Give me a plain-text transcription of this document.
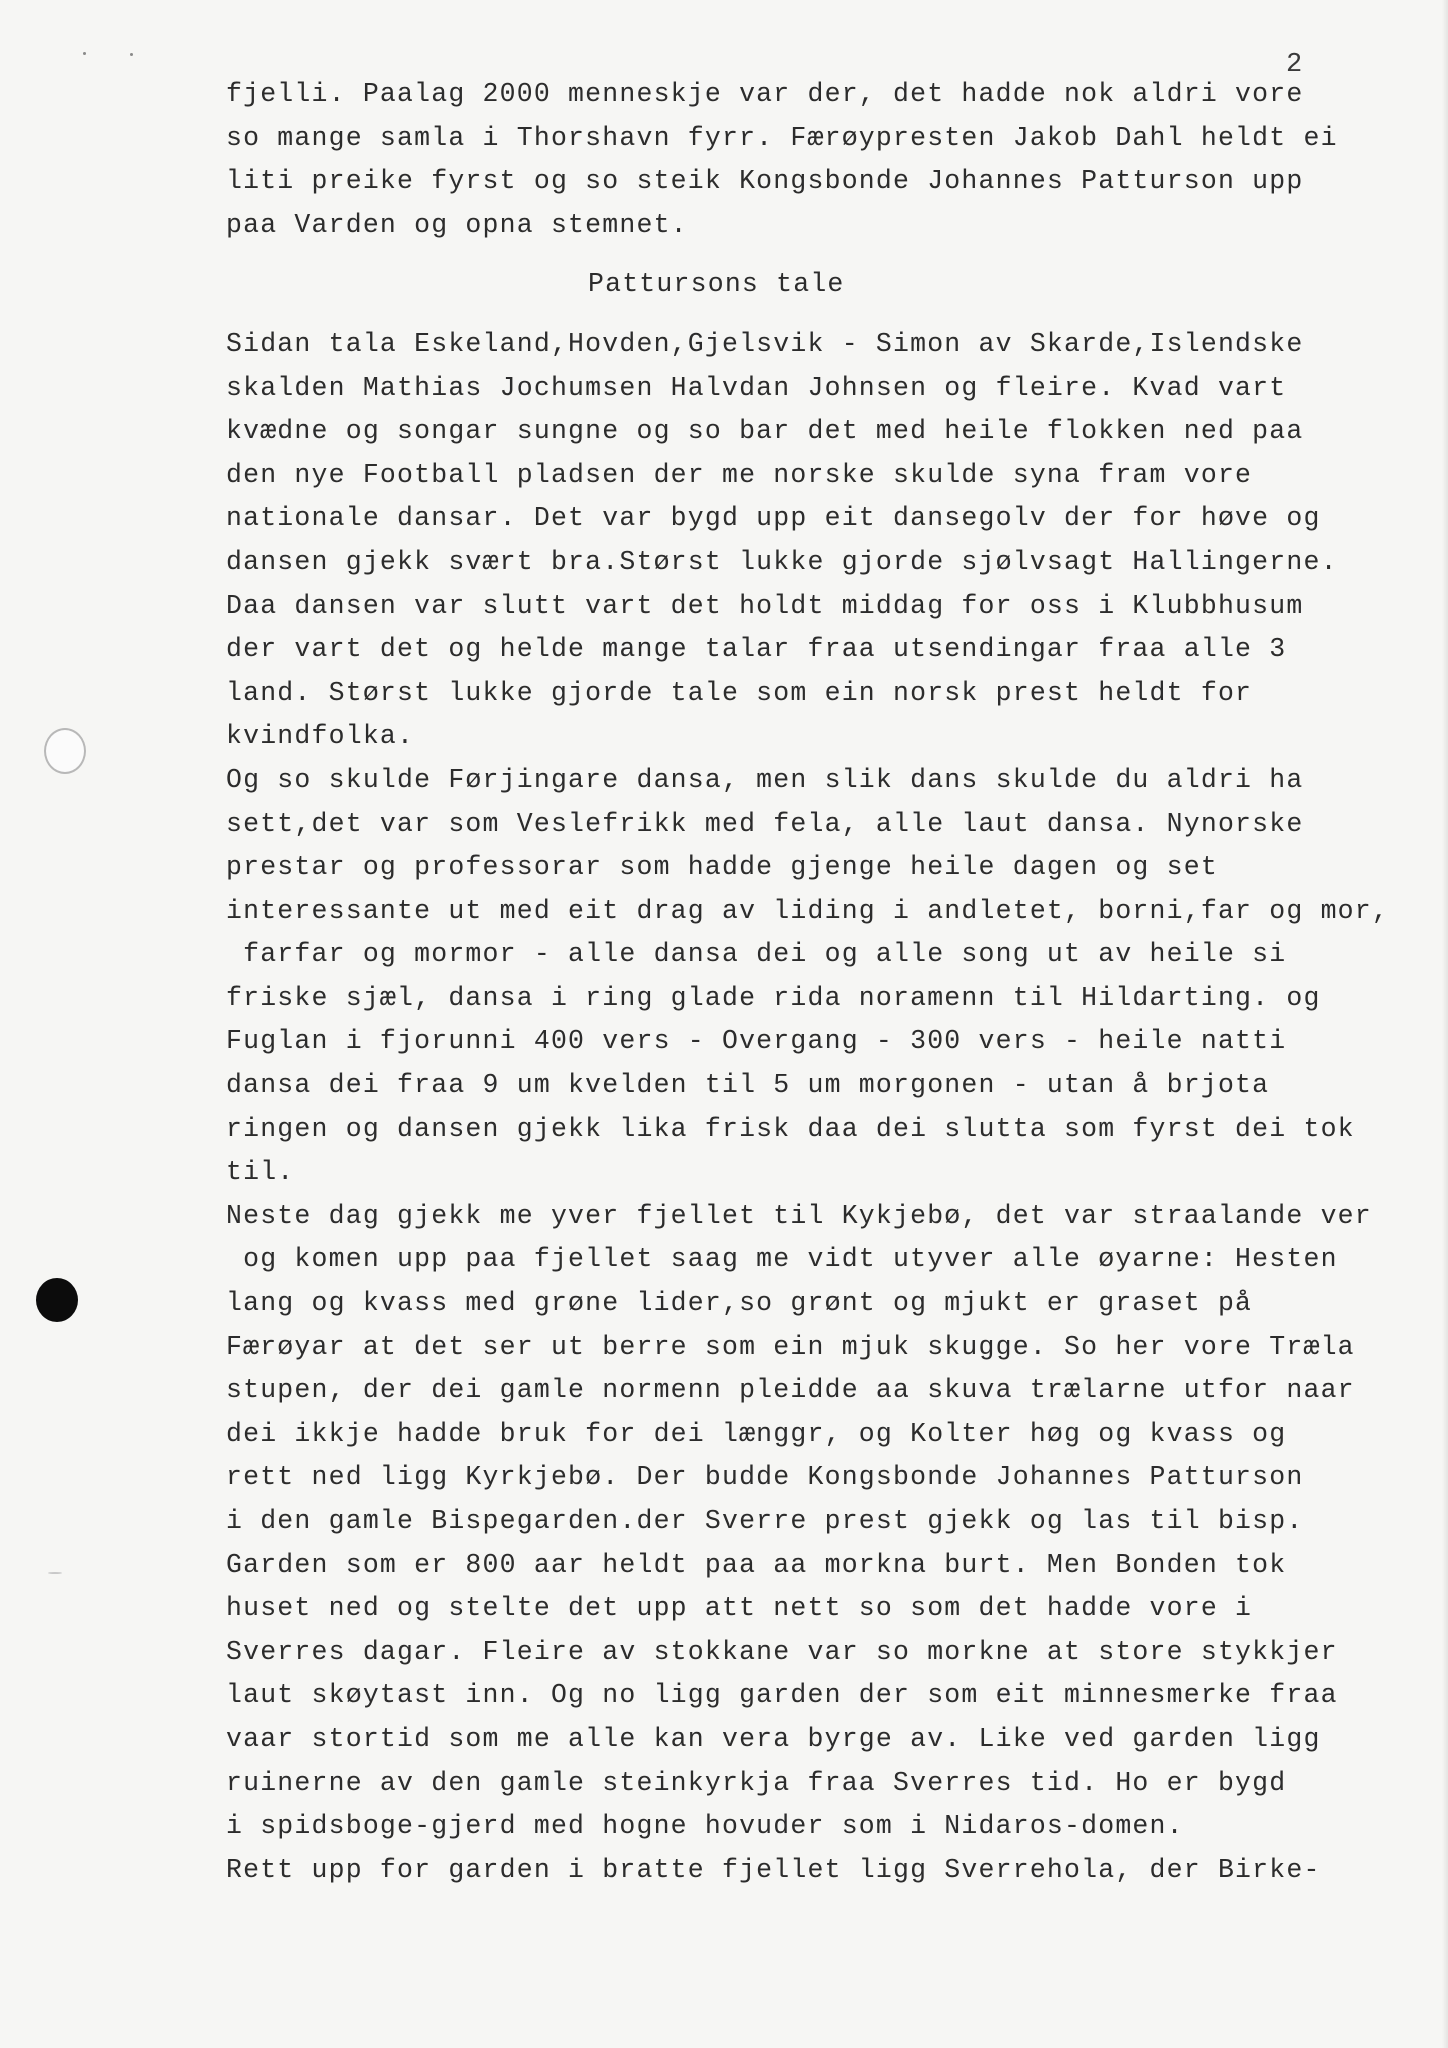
2
fjelli. Paalag 2000 menneskje var der, det hadde nok aldri vore
so mange samla i Thorshavn fyrr. Færøypresten Jakob Dahl heldt ei
liti preike fyrst og so steik Kongsbonde Johannes Patturson upp
paa Varden og opna stemnet.
Pattursons tale
Sidan tala Eskeland,Hovden,Gjelsvik - Simon av Skarde,Islendske
skalden Mathias Jochumsen Halvdan Johnsen og fleire. Kvad vart
kvædne og songar sungne og so bar det med heile flokken ned paa
den nye Football pladsen der me norske skulde syna fram vore
nationale dansar. Det var bygd upp eit dansegolv der for høve og
dansen gjekk svært bra.Størst lukke gjorde sjølvsagt Hallingerne.
Daa dansen var slutt vart det holdt middag for oss i Klubbhusum
der vart det og helde mange talar fraa utsendingar fraa alle 3
land. Størst lukke gjorde tale som ein norsk prest heldt for
kvindfolka.
Og so skulde Førjingare dansa, men slik dans skulde du aldri ha
sett,det var som Veslefrikk med fela, alle laut dansa. Nynorske
prestar og professorar som hadde gjenge heile dagen og set
interessante ut med eit drag av liding i andletet, borni,far og mor,
farfar og mormor - alle dansa dei og alle song ut av heile si
friske sjæl, dansa i ring glade rida noramenn til Hildarting. og
Fuglan i fjorunni 400 vers - Overgang - 300 vers - heile natti
dansa dei fraa 9 um kvelden til 5 um morgonen - utan å brjota
ringen og dansen gjekk lika frisk daa dei slutta som fyrst dei tok
til.
Neste dag gjekk me yver fjellet til Kykjebø, det var straalande ver
og komen upp paa fjellet saag me vidt utyver alle øyarne: Hesten
lang og kvass med grøne lider,so grønt og mjukt er graset på
Færøyar at det ser ut berre som ein mjuk skugge. So her vore Træla
stupen, der dei gamle normenn pleidde aa skuva trælarne utfor naar
dei ikkje hadde bruk for dei længgr, og Kolter høg og kvass og
rett ned ligg Kyrkjebø. Der budde Kongsbonde Johannes Patturson
i den gamle Bispegarden.der Sverre prest gjekk og las til bisp.
Garden som er 800 aar heldt paa aa morkna burt. Men Bonden tok
huset ned og stelte det upp att nett so som det hadde vore i
Sverres dagar. Fleire av stokkane var so morkne at store stykkjer
laut skøytast inn. Og no ligg garden der som eit minnesmerke fraa
vaar stortid som me alle kan vera byrge av. Like ved garden ligg
ruinerne av den gamle steinkyrkja fraa Sverres tid. Ho er bygd
i spidsboge-gjerd med hogne hovuder som i Nidaros-domen.
Rett upp for garden i bratte fjellet ligg Sverrehola, der Birke-
